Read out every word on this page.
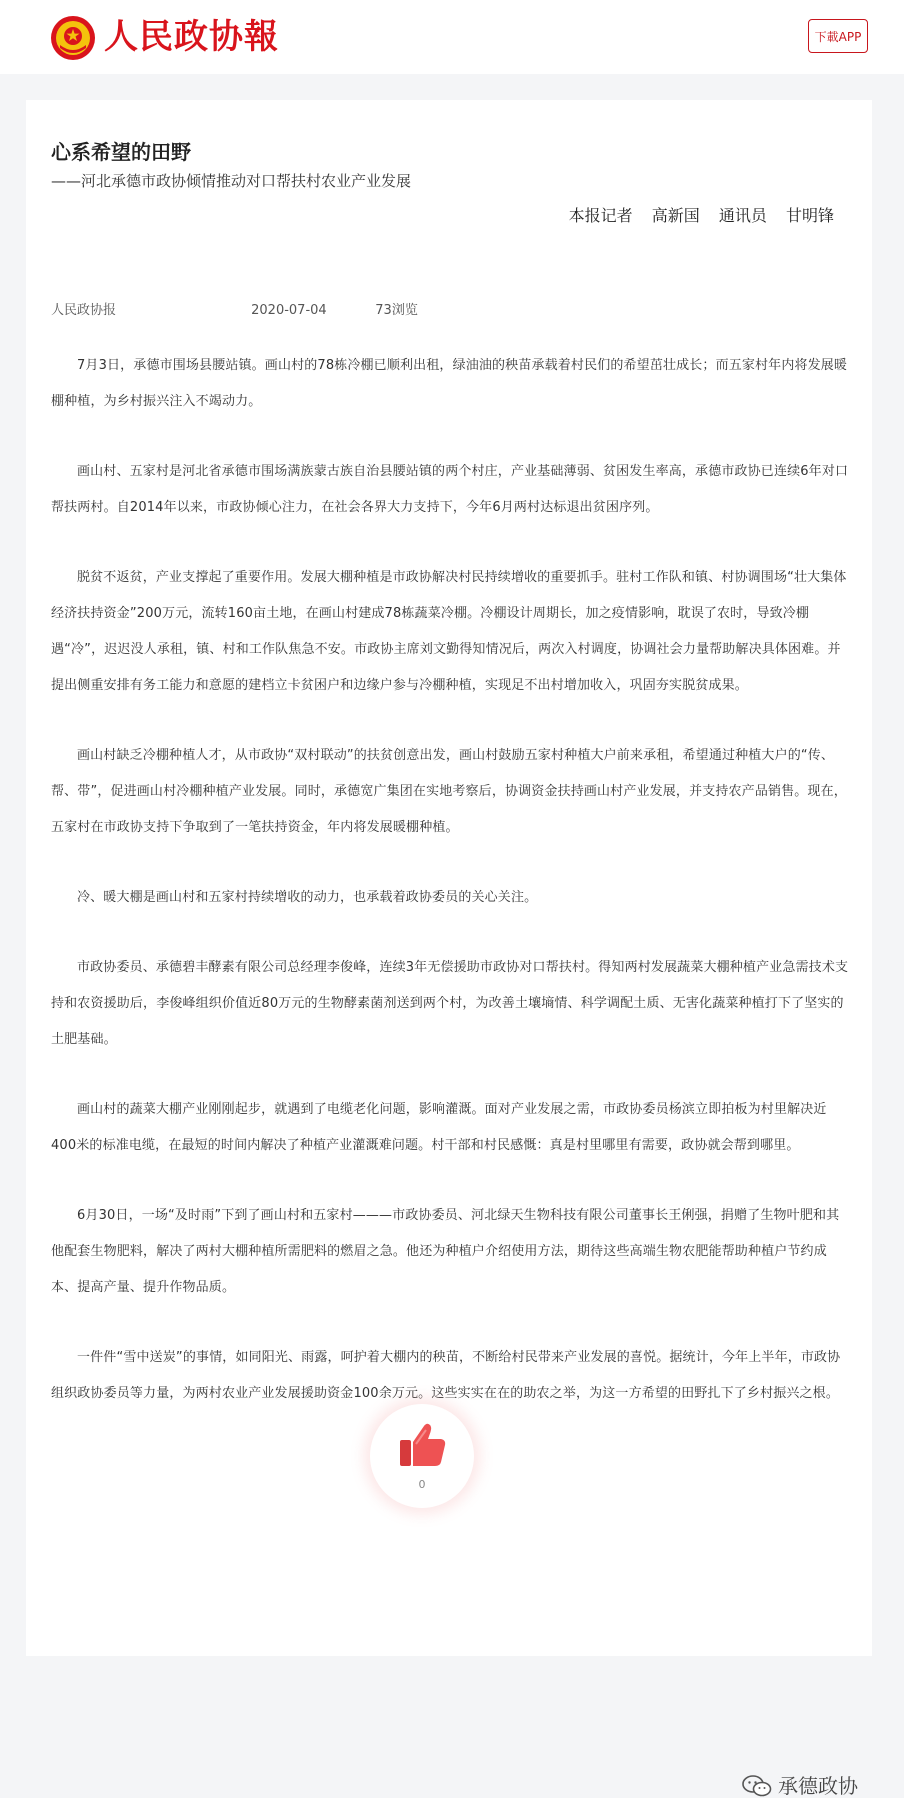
人民政协報	下載APP
心系希望的田野
——河北承德市政协倾情推动对口帮扶村农业产业发展
本报记者 高新国 通讯员 甘明锋
人民政协报	2020-07-04	73浏览

7月3日，承德市围场县腰站镇。画山村的78栋冷棚已顺利出租，绿油油的秧苗承载着村民们的希望茁壮成长；而五家村年内将发展暖棚种植，为乡村振兴注入不竭动力。

画山村、五家村是河北省承德市围场满族蒙古族自治县腰站镇的两个村庄，产业基础薄弱、贫困发生率高，承德市政协已连续6年对口帮扶两村。自2014年以来，市政协倾心注力，在社会各界大力支持下，今年6月两村达标退出贫困序列。

脱贫不返贫，产业支撑起了重要作用。发展大棚种植是市政协解决村民持续增收的重要抓手。驻村工作队和镇、村协调围场“壮大集体经济扶持资金”200万元，流转160亩土地，在画山村建成78栋蔬菜冷棚。冷棚设计周期长，加之疫情影响，耽误了农时，导致冷棚遇“冷”，迟迟没人承租，镇、村和工作队焦急不安。市政协主席刘文勤得知情况后，两次入村调度，协调社会力量帮助解决具体困难。并提出侧重安排有务工能力和意愿的建档立卡贫困户和边缘户参与冷棚种植，实现足不出村增加收入，巩固夯实脱贫成果。

画山村缺乏冷棚种植人才，从市政协“双村联动”的扶贫创意出发，画山村鼓励五家村种植大户前来承租，希望通过种植大户的“传、帮、带”，促进画山村冷棚种植产业发展。同时，承德宽广集团在实地考察后，协调资金扶持画山村产业发展，并支持农产品销售。现在，五家村在市政协支持下争取到了一笔扶持资金，年内将发展暖棚种植。

冷、暖大棚是画山村和五家村持续增收的动力，也承载着政协委员的关心关注。

市政协委员、承德碧丰酵素有限公司总经理李俊峰，连续3年无偿援助市政协对口帮扶村。得知两村发展蔬菜大棚种植产业急需技术支持和农资援助后，李俊峰组织价值近80万元的生物酵素菌剂送到两个村，为改善土壤墒情、科学调配土质、无害化蔬菜种植打下了坚实的土肥基础。

画山村的蔬菜大棚产业刚刚起步，就遇到了电缆老化问题，影响灌溉。面对产业发展之需，市政协委员杨滨立即拍板为村里解决近400米的标准电缆，在最短的时间内解决了种植产业灌溉难问题。村干部和村民感慨：真是村里哪里有需要，政协就会帮到哪里。

6月30日，一场“及时雨”下到了画山村和五家村———市政协委员、河北绿天生物科技有限公司董事长王俐强，捐赠了生物叶肥和其他配套生物肥料，解决了两村大棚种植所需肥料的燃眉之急。他还为种植户介绍使用方法，期待这些高端生物农肥能帮助种植户节约成本、提高产量、提升作物品质。

一件件“雪中送炭”的事情，如同阳光、雨露，呵护着大棚内的秧苗，不断给村民带来产业发展的喜悦。据统计，今年上半年，市政协组织政协委员等力量，为两村农业产业发展援助资金100余万元。这些实实在在的助农之举，为这一方希望的田野扎下了乡村振兴之根。

0
承德政协
